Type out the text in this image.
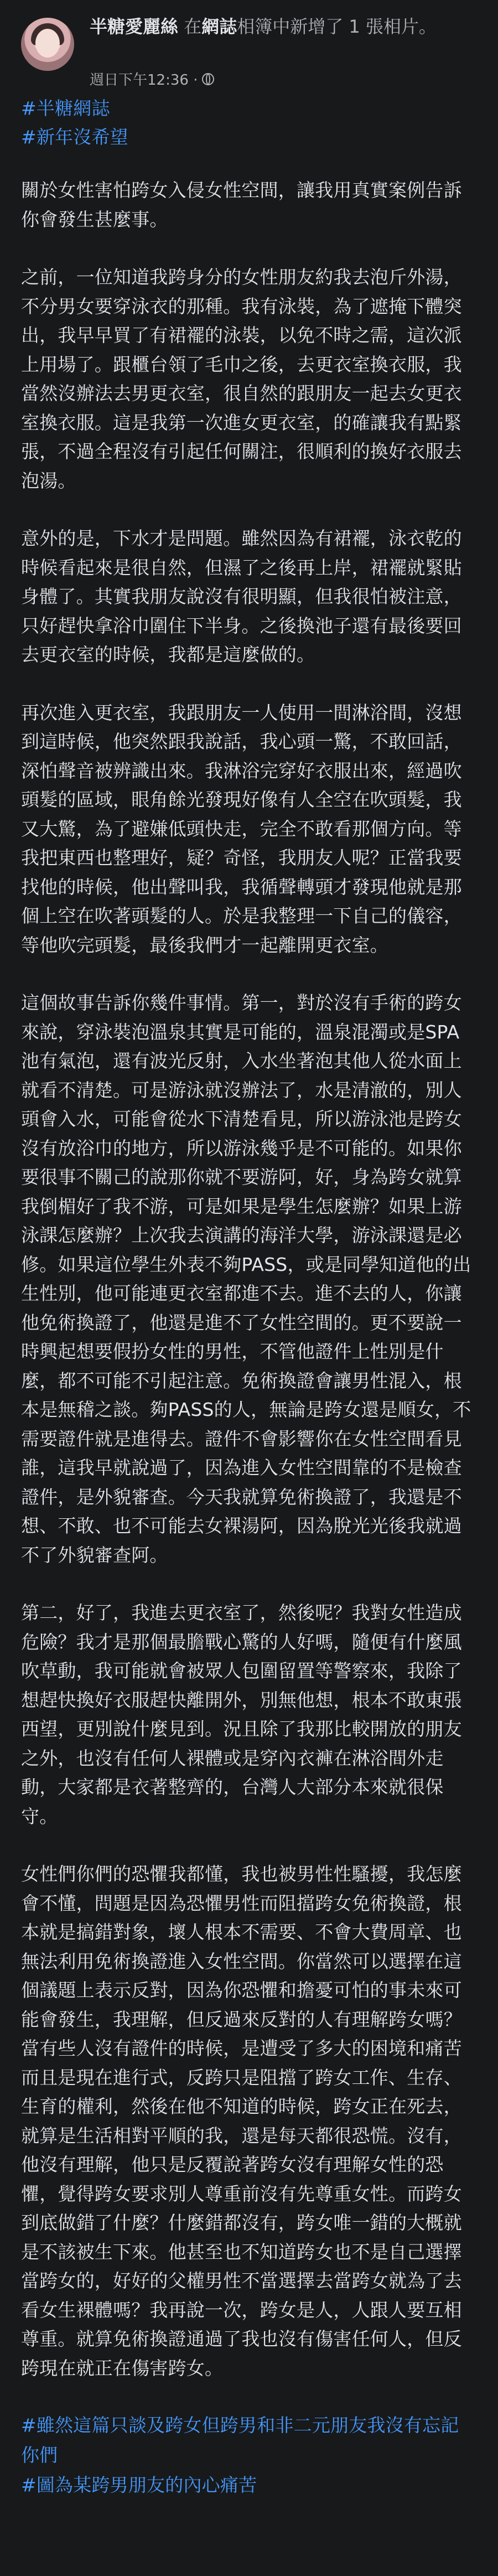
半糖愛麗絲 在網誌相簿中新增了 1 張相片。
週日下午12:36 ·
#半糖網誌
#新年沒希望

關於女性害怕跨女入侵女性空間，讓我用真實案例告訴你會發生甚麼事。

之前，一位知道我跨身分的女性朋友約我去泡斤外湯，不分男女要穿泳衣的那種。我有泳裝，為了遮掩下體突出，我早早買了有裙襬的泳裝，以免不時之需，這次派上用場了。跟櫃台領了毛巾之後，去更衣室換衣服，我當然沒辦法去男更衣室，很自然的跟朋友一起去女更衣室換衣服。這是我第一次進女更衣室，的確讓我有點緊張，不過全程沒有引起任何關注，很順利的換好衣服去泡湯。

意外的是，下水才是問題。雖然因為有裙襬，泳衣乾的時候看起來是很自然，但濕了之後再上岸，裙襬就緊貼身體了。其實我朋友說沒有很明顯，但我很怕被注意，只好趕快拿浴巾圍住下半身。之後換池子還有最後要回去更衣室的時候，我都是這麼做的。

再次進入更衣室，我跟朋友一人使用一間淋浴間，沒想到這時候，他突然跟我說話，我心頭一驚，不敢回話，深怕聲音被辨識出來。我淋浴完穿好衣服出來，經過吹頭髮的區域，眼角餘光發現好像有人全空在吹頭髮，我又大驚，為了避嫌低頭快走，完全不敢看那個方向。等我把東西也整理好，疑？奇怪，我朋友人呢？正當我要找他的時候，他出聲叫我，我循聲轉頭才發現他就是那個上空在吹著頭髮的人。於是我整理一下自己的儀容，等他吹完頭髮，最後我們才一起離開更衣室。

這個故事告訴你幾件事情。第一，對於沒有手術的跨女來說，穿泳裝泡溫泉其實是可能的，溫泉混濁或是SPA池有氣泡，還有波光反射，入水坐著泡其他人從水面上就看不清楚。可是游泳就沒辦法了，水是清澈的，別人頭會入水，可能會從水下清楚看見，所以游泳池是跨女沒有放浴巾的地方，所以游泳幾乎是不可能的。如果你要很事不關己的說那你就不要游阿，好，身為跨女就算我倒楣好了我不游，可是如果是學生怎麼辦？如果上游泳課怎麼辦？上次我去演講的海洋大學，游泳課還是必修。如果這位學生外表不夠PASS，或是同學知道他的出生性別，他可能連更衣室都進不去。進不去的人，你讓他免術換證了，他還是進不了女性空間的。更不要說一時興起想要假扮女性的男性，不管他證件上性別是什麼，都不可能不引起注意。免術換證會讓男性混入，根本是無稽之談。夠PASS的人，無論是跨女還是順女，不需要證件就是進得去。證件不會影響你在女性空間看見誰，這我早就說過了，因為進入女性空間靠的不是檢查證件，是外貌審查。今天我就算免術換證了，我還是不想、不敢、也不可能去女裸湯阿，因為脫光光後我就過不了外貌審查阿。

第二，好了，我進去更衣室了，然後呢？我對女性造成危險？我才是那個最膽戰心驚的人好嗎，隨便有什麼風吹草動，我可能就會被眾人包圍留置等警察來，我除了想趕快換好衣服趕快離開外，別無他想，根本不敢東張西望，更別說什麼見到。況且除了我那比較開放的朋友之外，也沒有任何人裸體或是穿內衣褲在淋浴間外走動，大家都是衣著整齊的，台灣人大部分本來就很保守。

女性們你們的恐懼我都懂，我也被男性性騷擾，我怎麼會不懂，問題是因為恐懼男性而阻擋跨女免術換證，根本就是搞錯對象，壞人根本不需要、不會大費周章、也無法利用免術換證進入女性空間。你當然可以選擇在這個議題上表示反對，因為你恐懼和擔憂可怕的事未來可能會發生，我理解，但反過來反對的人有理解跨女嗎？當有些人沒有證件的時候，是遭受了多大的困境和痛苦而且是現在進行式，反跨只是阻擋了跨女工作、生存、生育的權利，然後在他不知道的時候，跨女正在死去，就算是生活相對平順的我，還是每天都很恐慌。沒有，他沒有理解，他只是反覆說著跨女沒有理解女性的恐懼，覺得跨女要求別人尊重前沒有先尊重女性。而跨女到底做錯了什麼？什麼錯都沒有，跨女唯一錯的大概就是不該被生下來。他甚至也不知道跨女也不是自己選擇當跨女的，好好的父權男性不當選擇去當跨女就為了去看女生裸體嗎？我再說一次，跨女是人，人跟人要互相尊重。就算免術換證通過了我也沒有傷害任何人，但反跨現在就正在傷害跨女。

#雖然這篇只談及跨女但跨男和非二元朋友我沒有忘記你們
#圖為某跨男朋友的內心痛苦
